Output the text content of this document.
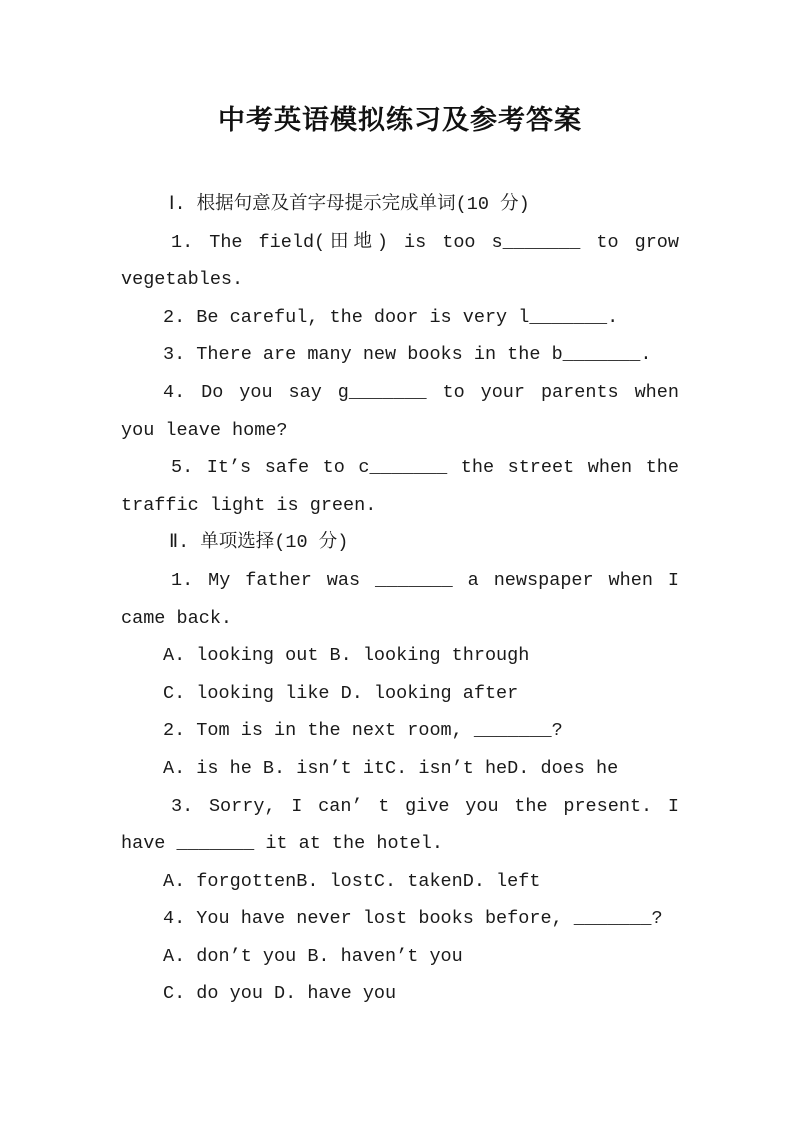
中考英语模拟练习及参考答案

Ⅰ. 根据句意及首字母提示完成单词(10 分)

1. The field(田地) is too s_______ to grow vegetables.

2. Be careful, the door is very l_______.

3. There are many new books in the b_______.

4. Do you say g_______ to your parents when you leave home?

5. It’s safe to c_______ the street when the traffic light is green.

Ⅱ. 单项选择(10 分)

1. My father was _______ a newspaper when I came back.

A. looking out B. looking through

C. looking like D. looking after

2. Tom is in the next room, _______?

A. is he B. isn’t itC. isn’t heD. does he

3. Sorry, I can’ t give you the present. I have _______ it at the hotel.

A. forgottenB. lostC. takenD. left

4. You have never lost books before, _______?

A. don’t you B. haven’t you

C. do you D. have you
